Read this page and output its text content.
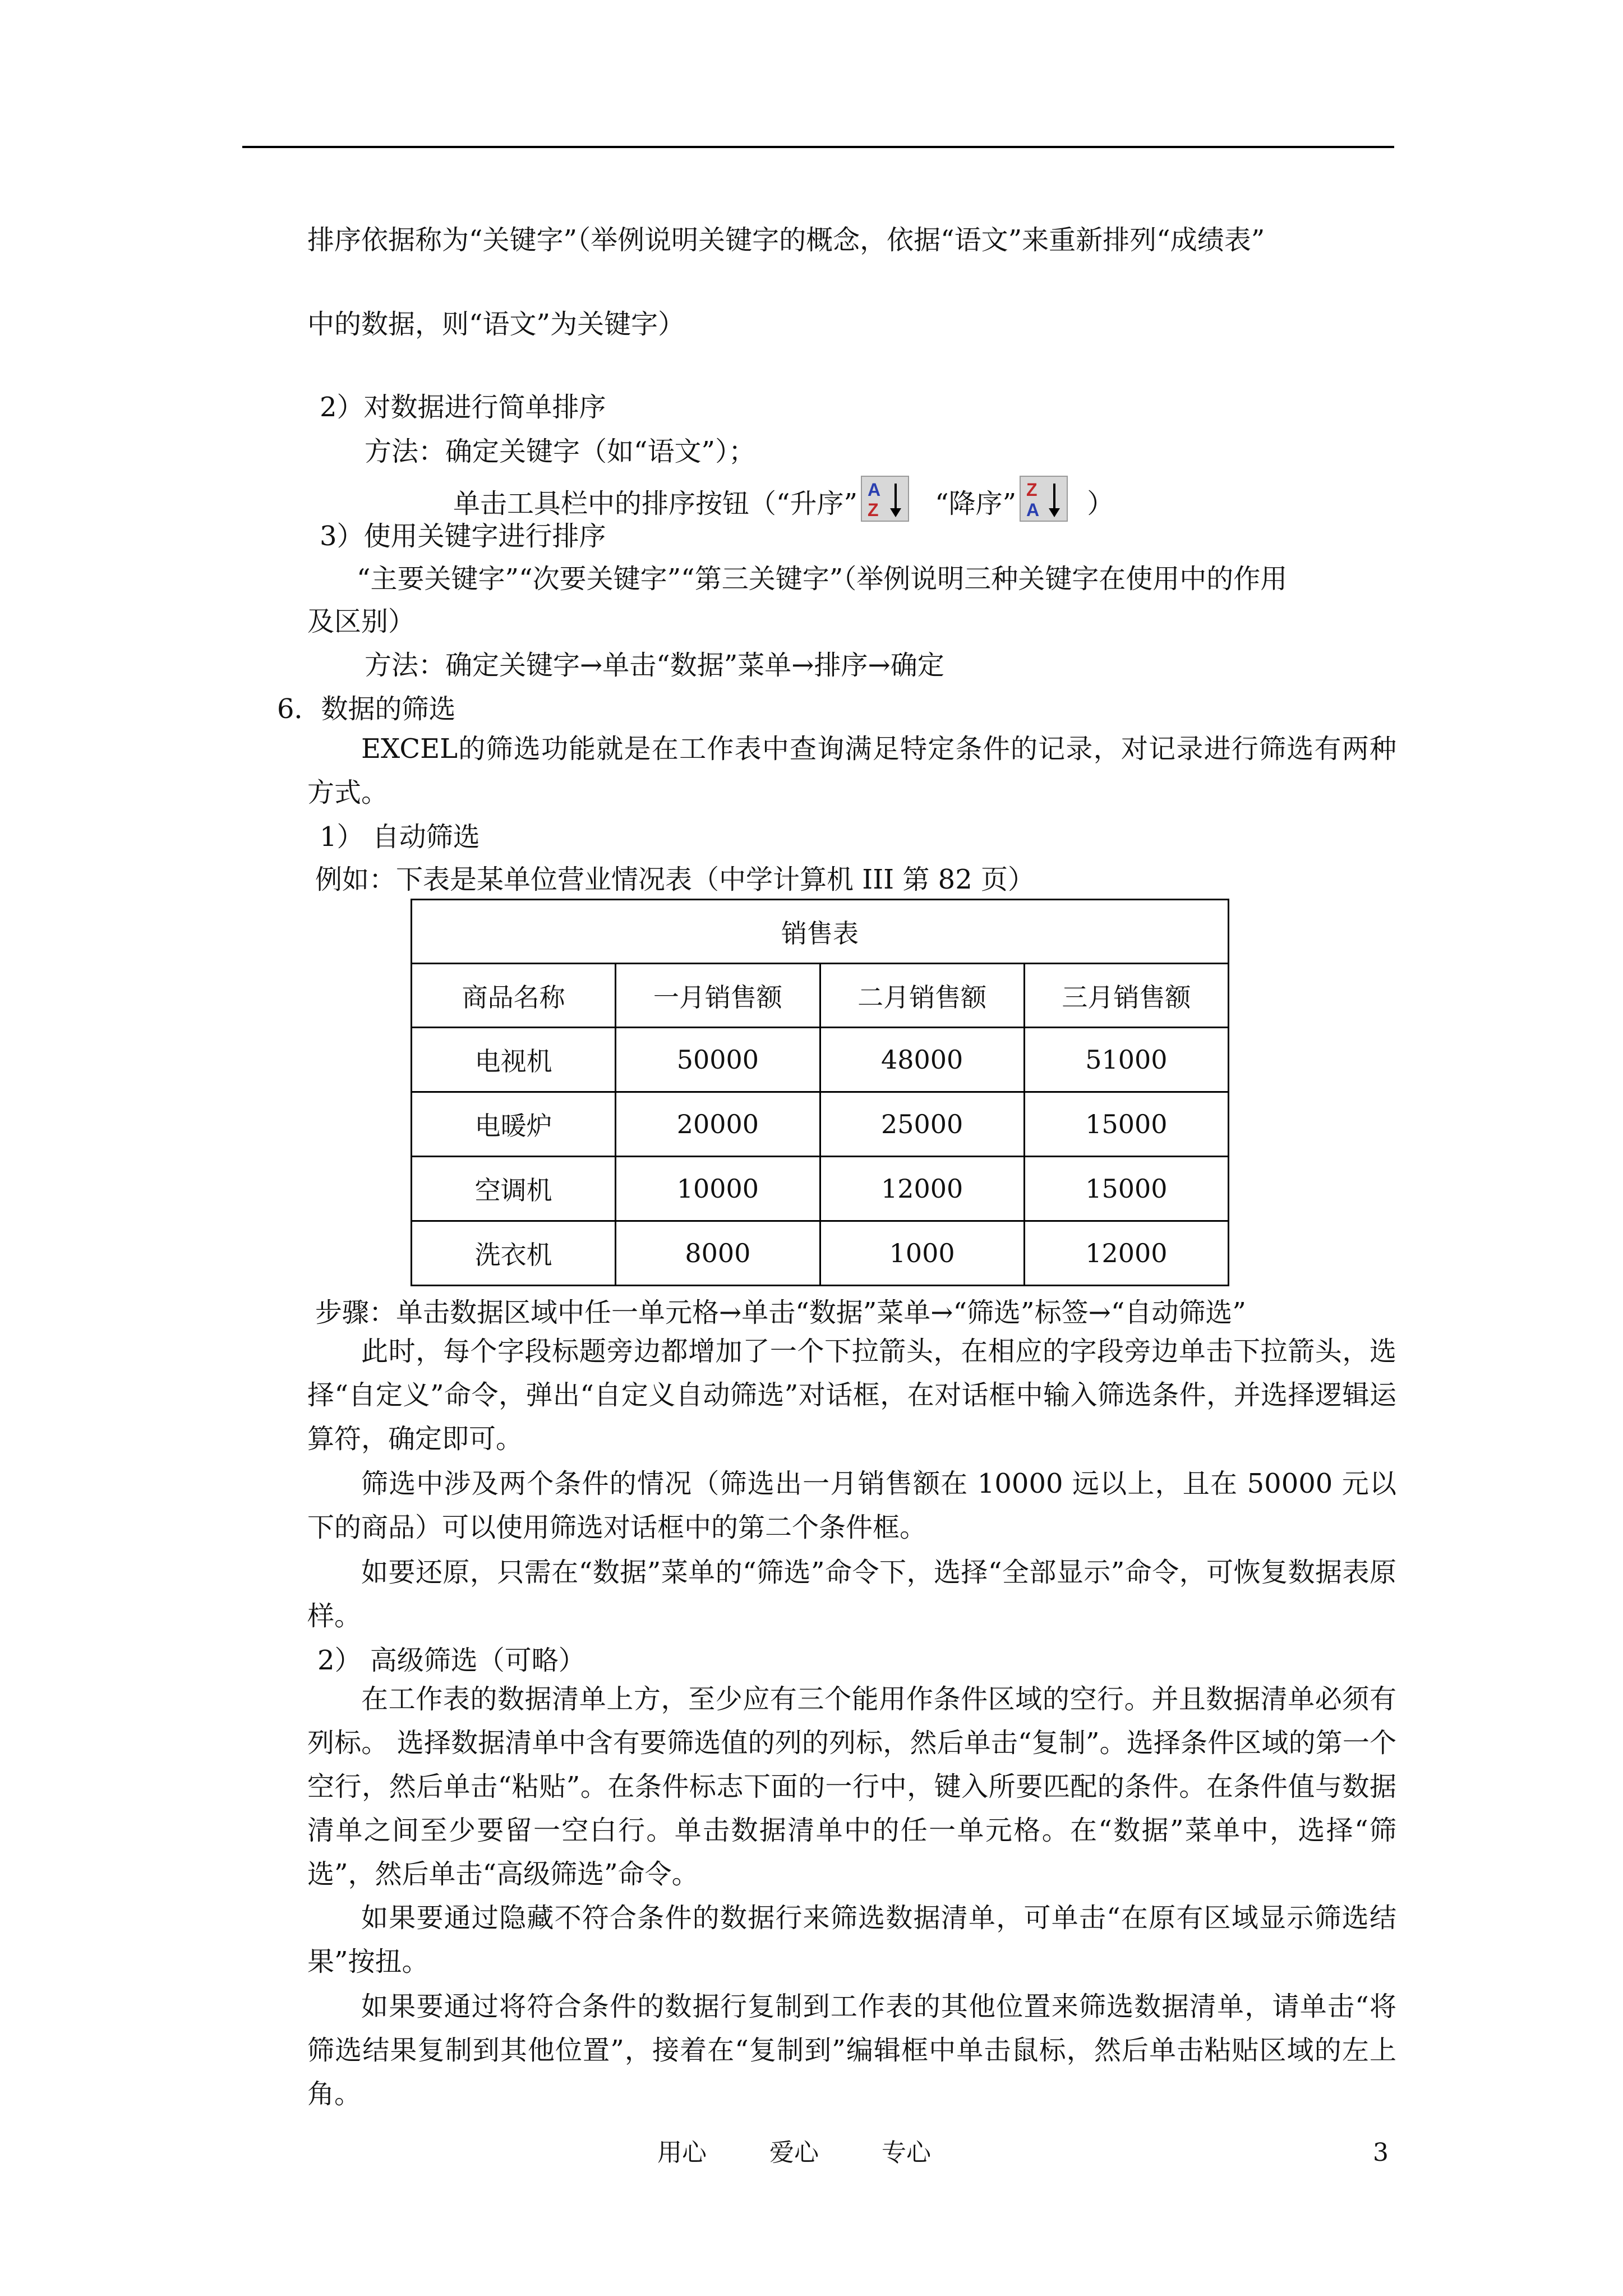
排序依据称为“关键字”（举例说明关键字的概念，依据“语文”来重新排列“成绩表”
中的数据，则“语文”为关键字）
2）对数据进行简单排序
方法：确定关键字（如“语文”）；
单击工具栏中的排序按钮（“升序” A
Z “降序” Z
A ）
3）使用关键字进行排序
“主要关键字”“次要关键字”“第三关键字”（举例说明三种关键字在使用中的作用
及区别）
方法：确定关键字→单击“数据”菜单→排序→确定
6．数据的筛选
EXCEL的筛选功能就是在工作表中查询满足特定条件的记录，对记录进行筛选有两种方式。
1） 自动筛选
例如：下表是某单位营业情况表（中学计算机 III 第 82 页）
销售表			
商品名称	一月销售额	二月销售额	三月销售额
电视机	50000	48000	51000
电暖炉	20000	25000	15000
空调机	10000	12000	15000
洗衣机	8000	1000	12000
步骤：单击数据区域中任一单元格→单击“数据”菜单→“筛选”标签→“自动筛选”
此时，每个字段标题旁边都增加了一个下拉箭头，在相应的字段旁边单击下拉箭头，选择“自定义”命令，弹出“自定义自动筛选”对话框，在对话框中输入筛选条件，并选择逻辑运算符，确定即可。
筛选中涉及两个条件的情况（筛选出一月销售额在 10000 远以上，且在 50000 元以下的商品）可以使用筛选对话框中的第二个条件框。
如要还原，只需在“数据”菜单的“筛选”命令下，选择“全部显示”命令，可恢复数据表原样。
2） 高级筛选（可略）
在工作表的数据清单上方，至少应有三个能用作条件区域的空行。并且数据清单必须有列标。 选择数据清单中含有要筛选值的列的列标，然后单击“复制”。选择条件区域的第一个空行，然后单击“粘贴”。在条件标志下面的一行中，键入所要匹配的条件。在条件值与数据清单之间至少要留一空白行。单击数据清单中的任一单元格。在“数据”菜单中，选择“筛选”，然后单击“高级筛选”命令。
如果要通过隐藏不符合条件的数据行来筛选数据清单，可单击“在原有区域显示筛选结果”按扭。
如果要通过将符合条件的数据行复制到工作表的其他位置来筛选数据清单，请单击“将筛选结果复制到其他位置”，接着在“复制到”编辑框中单击鼠标，然后单击粘贴区域的左上角。
用心	爱心	专心	3
